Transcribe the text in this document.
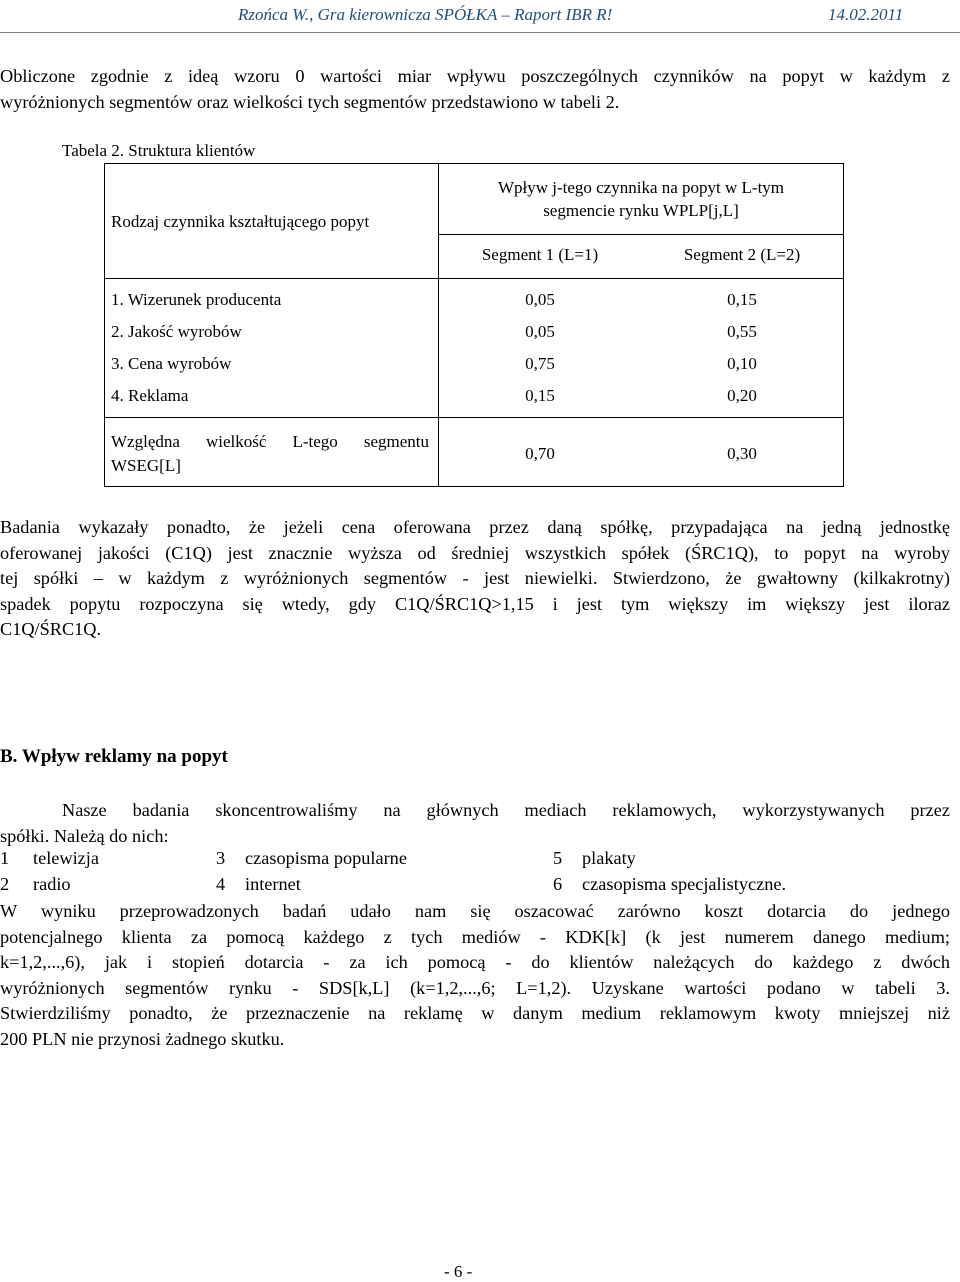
Rzońca W., Gra kierownicza SPÓŁKA – Raport IBR R!	14.02.2011
Obliczone zgodnie z ideą wzoru 0 wartości miar wpływu poszczególnych czynników na popyt w każdym z
wyróżnionych segmentów oraz wielkości tych segmentów przedstawiono w tabeli 2.
Tabela 2. Struktura klientów
Rodzaj czynnika kształtującego popyt
Wpływ j-tego czynnika na popyt w L-tym
segmencie rynku WPLP[j,L]
Segment 1 (L=1)	Segment 2 (L=2)
1. Wizerunek producenta	0,05	0,15
2. Jakość wyrobów	0,05	0,55
3. Cena wyrobów	0,75	0,10
4. Reklama	0,15	0,20
Względna wielkość L-tego segmentu
WSEG[L]
0,70	0,30
Badania wykazały ponadto, że jeżeli cena oferowana przez daną spółkę, przypadająca na jedną jednostkę
oferowanej jakości (C1Q) jest znacznie wyższa od średniej wszystkich spółek (ŚRC1Q), to popyt na wyroby
tej spółki – w każdym z wyróżnionych segmentów - jest niewielki. Stwierdzono, że gwałtowny (kilkakrotny)
spadek popytu rozpoczyna się wtedy, gdy C1Q/ŚRC1Q>1,15 i jest tym większy im większy jest iloraz
C1Q/ŚRC1Q.
B. Wpływ reklamy na popyt
Nasze badania skoncentrowaliśmy na głównych mediach reklamowych, wykorzystywanych przez
spółki. Należą do nich:
1 telewizja	3 czasopisma popularne	5 plakaty
2 radio	4 internet	6 czasopisma specjalistyczne.
W wyniku przeprowadzonych badań udało nam się oszacować zarówno koszt dotarcia do jednego
potencjalnego klienta za pomocą każdego z tych mediów - KDK[k] (k jest numerem danego medium;
k=1,2,...,6), jak i stopień dotarcia - za ich pomocą - do klientów należących do każdego z dwóch
wyróżnionych segmentów rynku - SDS[k,L] (k=1,2,...,6; L=1,2). Uzyskane wartości podano w tabeli 3.
Stwierdziliśmy ponadto, że przeznaczenie na reklamę w danym medium reklamowym kwoty mniejszej niż
200 PLN nie przynosi żadnego skutku.
- 6 -
